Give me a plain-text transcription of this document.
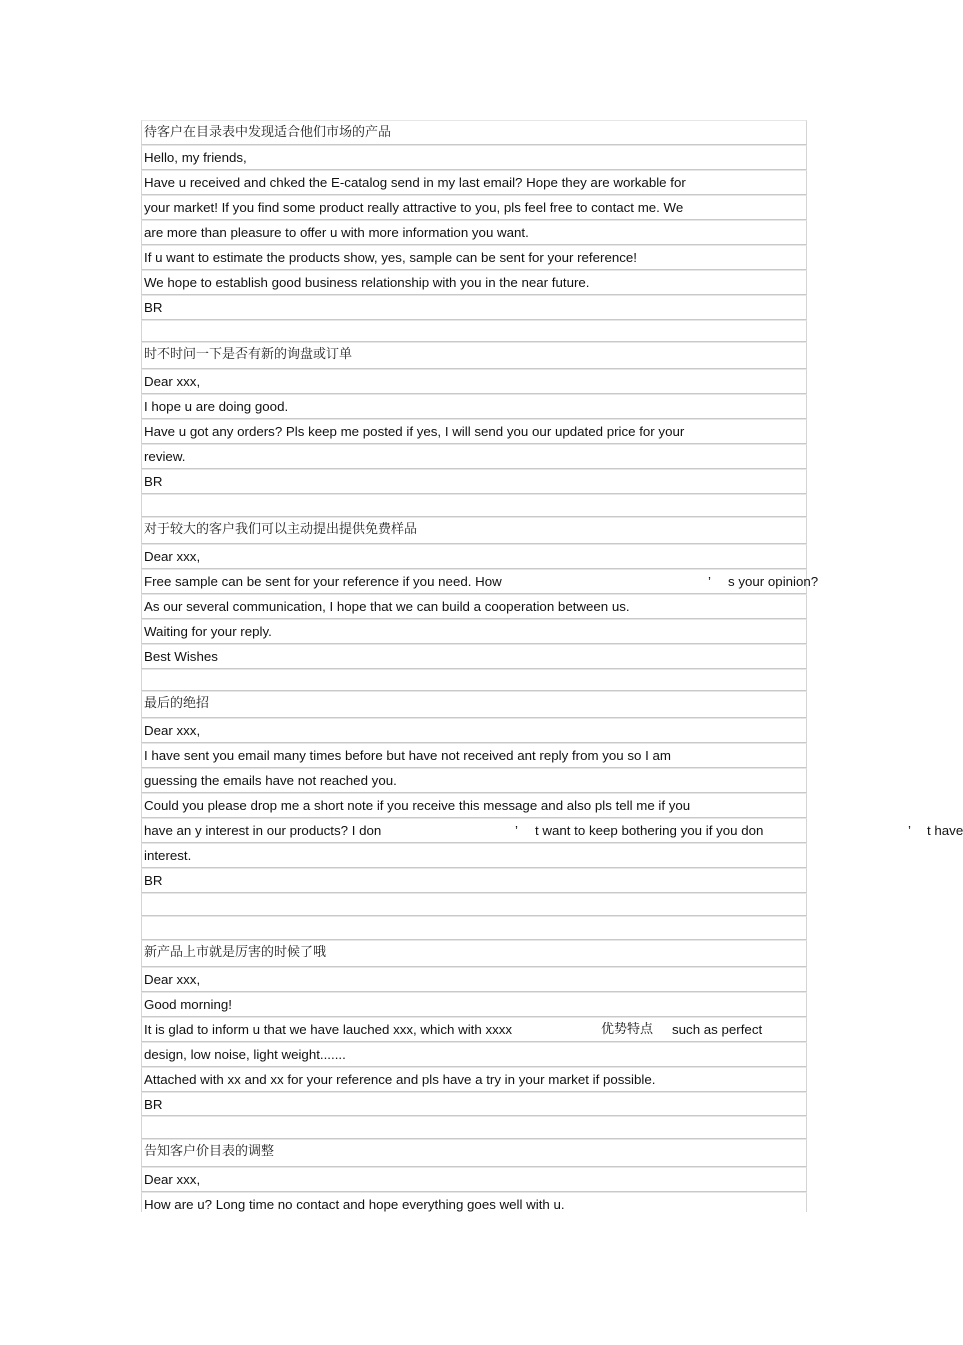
待客户在目录表中发现适合他们市场的产品
Hello, my friends,
Have u received and chked the E-catalog send in my last email? Hope they are workable for
your market! If you find some product really attractive to you, pls feel free to contact me. We
are more than pleasure to offer u with more information you want.
If u want to estimate the products show, yes, sample can be sent for your reference!
We hope to establish good business relationship with you in the near future.
BR
时不时问一下是否有新的询盘或订单
Dear xxx,
I hope u are doing good.
Have u got any orders? Pls keep me posted if yes, I will send you our updated price for your
review.
BR
对于较大的客户我们可以主动提出提供免费样品
Dear xxx,
Free sample can be sent for your reference if you need. How	’ s your opinion?
As our several communication, I hope that we can build a cooperation between us.
Waiting for your reply.
Best Wishes
最后的绝招
Dear xxx,
I have sent you email many times before but have not received ant reply from you so I am
guessing the emails have not reached you.
Could you please drop me a short note if you receive this message and also pls tell me if you
have an y interest in our products? I don	’ t want to keep bothering you if you don	’ t have
interest.
BR
新产品上市就是厉害的时候了哦
Dear xxx,
Good morning!
It is glad to inform u that we have lauched xxx, which with xxxx	优势特点 such as perfect
design, low noise, light weight.......
Attached with xx and xx for your reference and pls have a try in your market if possible.
BR
告知客户价目表的调整
Dear xxx,
How are u? Long time no contact and hope everything goes well with u.
